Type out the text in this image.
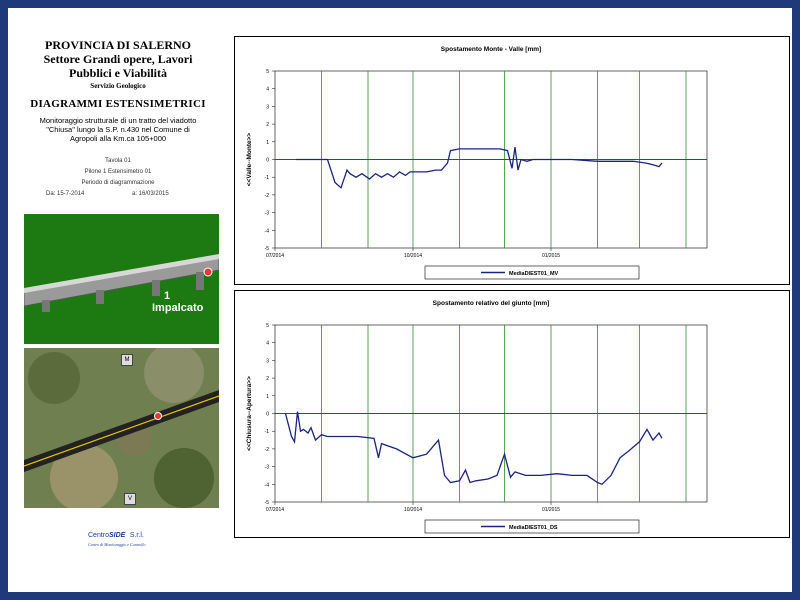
PROVINCIA DI SALERNO
Settore Grandi opere, Lavori
Pubblici e Viabilità
Servizio Geologico
DIAGRAMMI ESTENSIMETRICI
Monitoraggio strutturale di un tratto del viadotto
"Chiusa" lungo la S.P. n.430 nel Comune di
Agropoli alla Km.ca 105+000
Tavola 01
Pilone 1 Estensimetro 01
Periodo di diagrammazione
Da: 15-7-2014	a: 16/03/2015
1
Impalcato
M
V
CentroSIDE S.r.l.
Centro di Monitoraggio e Controllo
Spostamento Monte - Valle [mm]
5
4
3
2
1
0
-1
-2
-3
-4
-5
07/2014	10/2014	01/2015
<<Valle--Monte>>
MediaDIEST01_MV
Spostamento relativo del giunto [mm]
5
4
3
2
1
0
-1
-2
-3
-4
-5
07/2014	10/2014	01/2015
<<Chiusura--Apertura>>
MediaDIEST01_DS
